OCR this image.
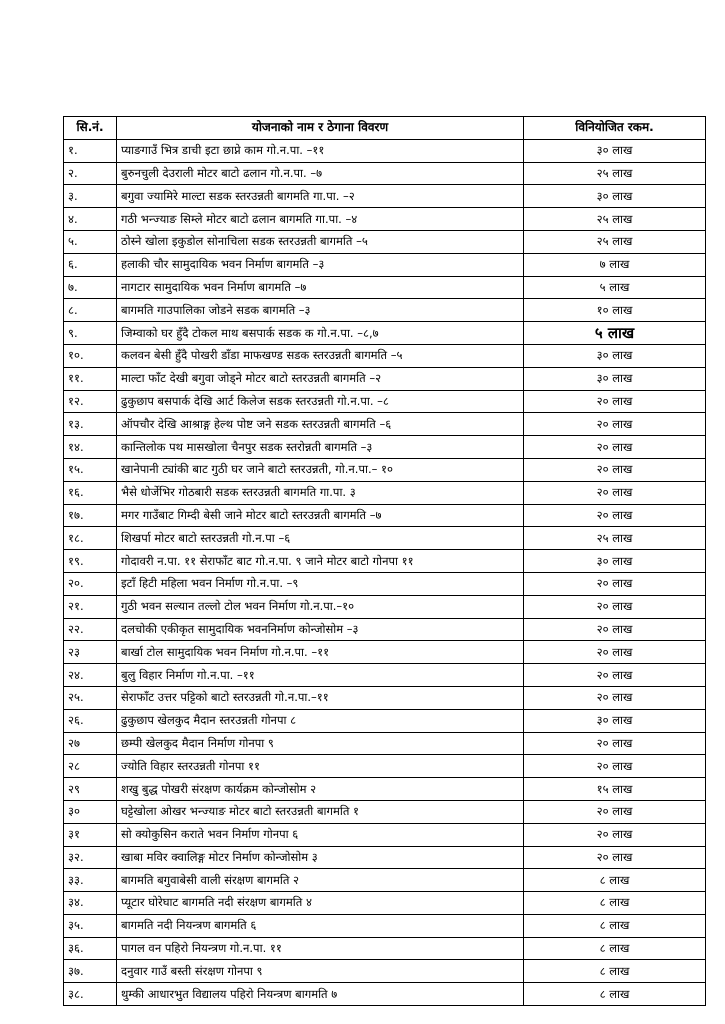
सि.नं.	योजनाको नाम र ठेगाना विवरण	विनियोजित रकम.
१.	प्याङगाउँ भित्र डाची इटा छाप्ने काम गो.न.पा. –११	३० लाख
२.	बुरुनचुली देउराली मोटर बाटो ढलान गो.न.पा. –७	२५ लाख
३.	बगुवा ज्यामिरे माल्टा सडक स्तरउन्नती बागमति गा.पा. –२	३० लाख
४.	गठी भन्ज्याङ सिम्ले मोटर बाटो ढलान बागमति गा.पा. –४	२५ लाख
५.	ठोस्ने खोला इकुडोल सोनाचिला सडक स्तरउन्नती बागमति –५	२५ लाख
६.	हलाकी चौर सामुदायिक भवन निर्माण बागमति –३	७ लाख
७.	नागटार सामुदायिक भवन निर्माण बागमति –७	५ लाख
८.	बागमति गाउपालिका जोडने सडक बागमति –३	१० लाख
९.	जिम्वाको घर हुँदै टोकल माथ बसपार्क सडक क गो.न.पा. –८,७	५ लाख
१०.	कलवन बेसी हुँदै पोखरी डाँडा माफखण्ड सडक स्तरउन्नती बागमति –५	३० लाख
११.	माल्टा फाँट देखी बगुवा जोड्ने मोटर बाटो स्तरउन्नती बागमति –२	३० लाख
१२.	ढुकुछाप बसपार्क देखि आर्ट किलेज सडक स्तरउन्नती गो.न.पा. –८	२० लाख
१३.	ऑपचौर देखि आश्राङ्ग हेल्थ पोष्ट जने सडक स्तरउन्नती बागमति –६	२० लाख
१४.	कान्तिलोक पथ मासखोला चैनपुर सडक स्तरोन्नती बागमति –३	२० लाख
१५.	खानेपानी ट्यांकी बाट गुठी घर जाने बाटो स्तरउन्नती, गो.न.पा.– १०	२० लाख
१६.	भैसे धोर्जेभिर गोठबारी सडक स्तरउन्नती बागमति गा.पा. ३	२० लाख
१७.	मगर गाउँबाट गिम्दी बेसी जाने मोटर बाटो स्तरउन्नती बागमति –७	२० लाख
१८.	शिखर्पा मोटर बाटो स्तरउन्नती गो.न.पा –६	२५ लाख
१९.	गोदावरी न.पा. ११ सेराफाँट बाट गो.न.पा. ९ जाने मोटर बाटो गोनपा ११	३० लाख
२०.	इटाँ हिटी महिला भवन निर्माण गो.न.पा. –९	२० लाख
२१.	गुठी भवन सल्यान तल्लो टोल भवन निर्माण गो.न.पा.–१०	२० लाख
२२.	दलचोकी एकीकृत सामुदायिक भवननिर्माण कोन्जोसोम –३	२० लाख
२३	बार्खा टोल सामुदायिक भवन निर्माण गो.न.पा. –११	२० लाख
२४.	बुलु विहार निर्माण गो.न.पा. –११	२० लाख
२५.	सेराफाँट उत्तर पट्टिको बाटो स्तरउन्नती गो.न.पा.–११	२० लाख
२६.	ढुकुछाप खेलकुद मैदान स्तरउन्नती गोनपा ८	३० लाख
२७	छम्पी खेलकुद मैदान निर्माण गोनपा ९	२० लाख
२८	ज्योति विहार स्तरउन्नती गोनपा ११	२० लाख
२९	शखु बुद्ध पोखरी संरक्षण कार्यक्रम कोन्जोसोम २	१५ लाख
३०	घट्टेखोला ओखर भन्ज्याङ मोटर बाटो स्तरउन्नती बागमति १	२० लाख
३१	सो क्योकुसिन कराते भवन निर्माण गोनपा ६	२० लाख
३२.	खाबा मविर क्वालिङ्ग मोटर निर्माण कोन्जोसोम ३	२० लाख
३३.	बागमति बगुवाबेसी वाली संरक्षण बागमति २	८ लाख
३४.	प्यूटार घोरेघाट बागमति नदी संरक्षण बागमति ४	८ लाख
३५.	बागमति नदी नियन्त्रण बागमति ६	८ लाख
३६.	पागल वन पहिरो नियन्त्रण गो.न.पा. ११	८ लाख
३७.	दनुवार गाउँ बस्ती संरक्षण गोनपा ९	८ लाख
३८.	थुम्की आधारभुत विद्यालय पहिरो नियन्त्रण बागमति ७	८ लाख
